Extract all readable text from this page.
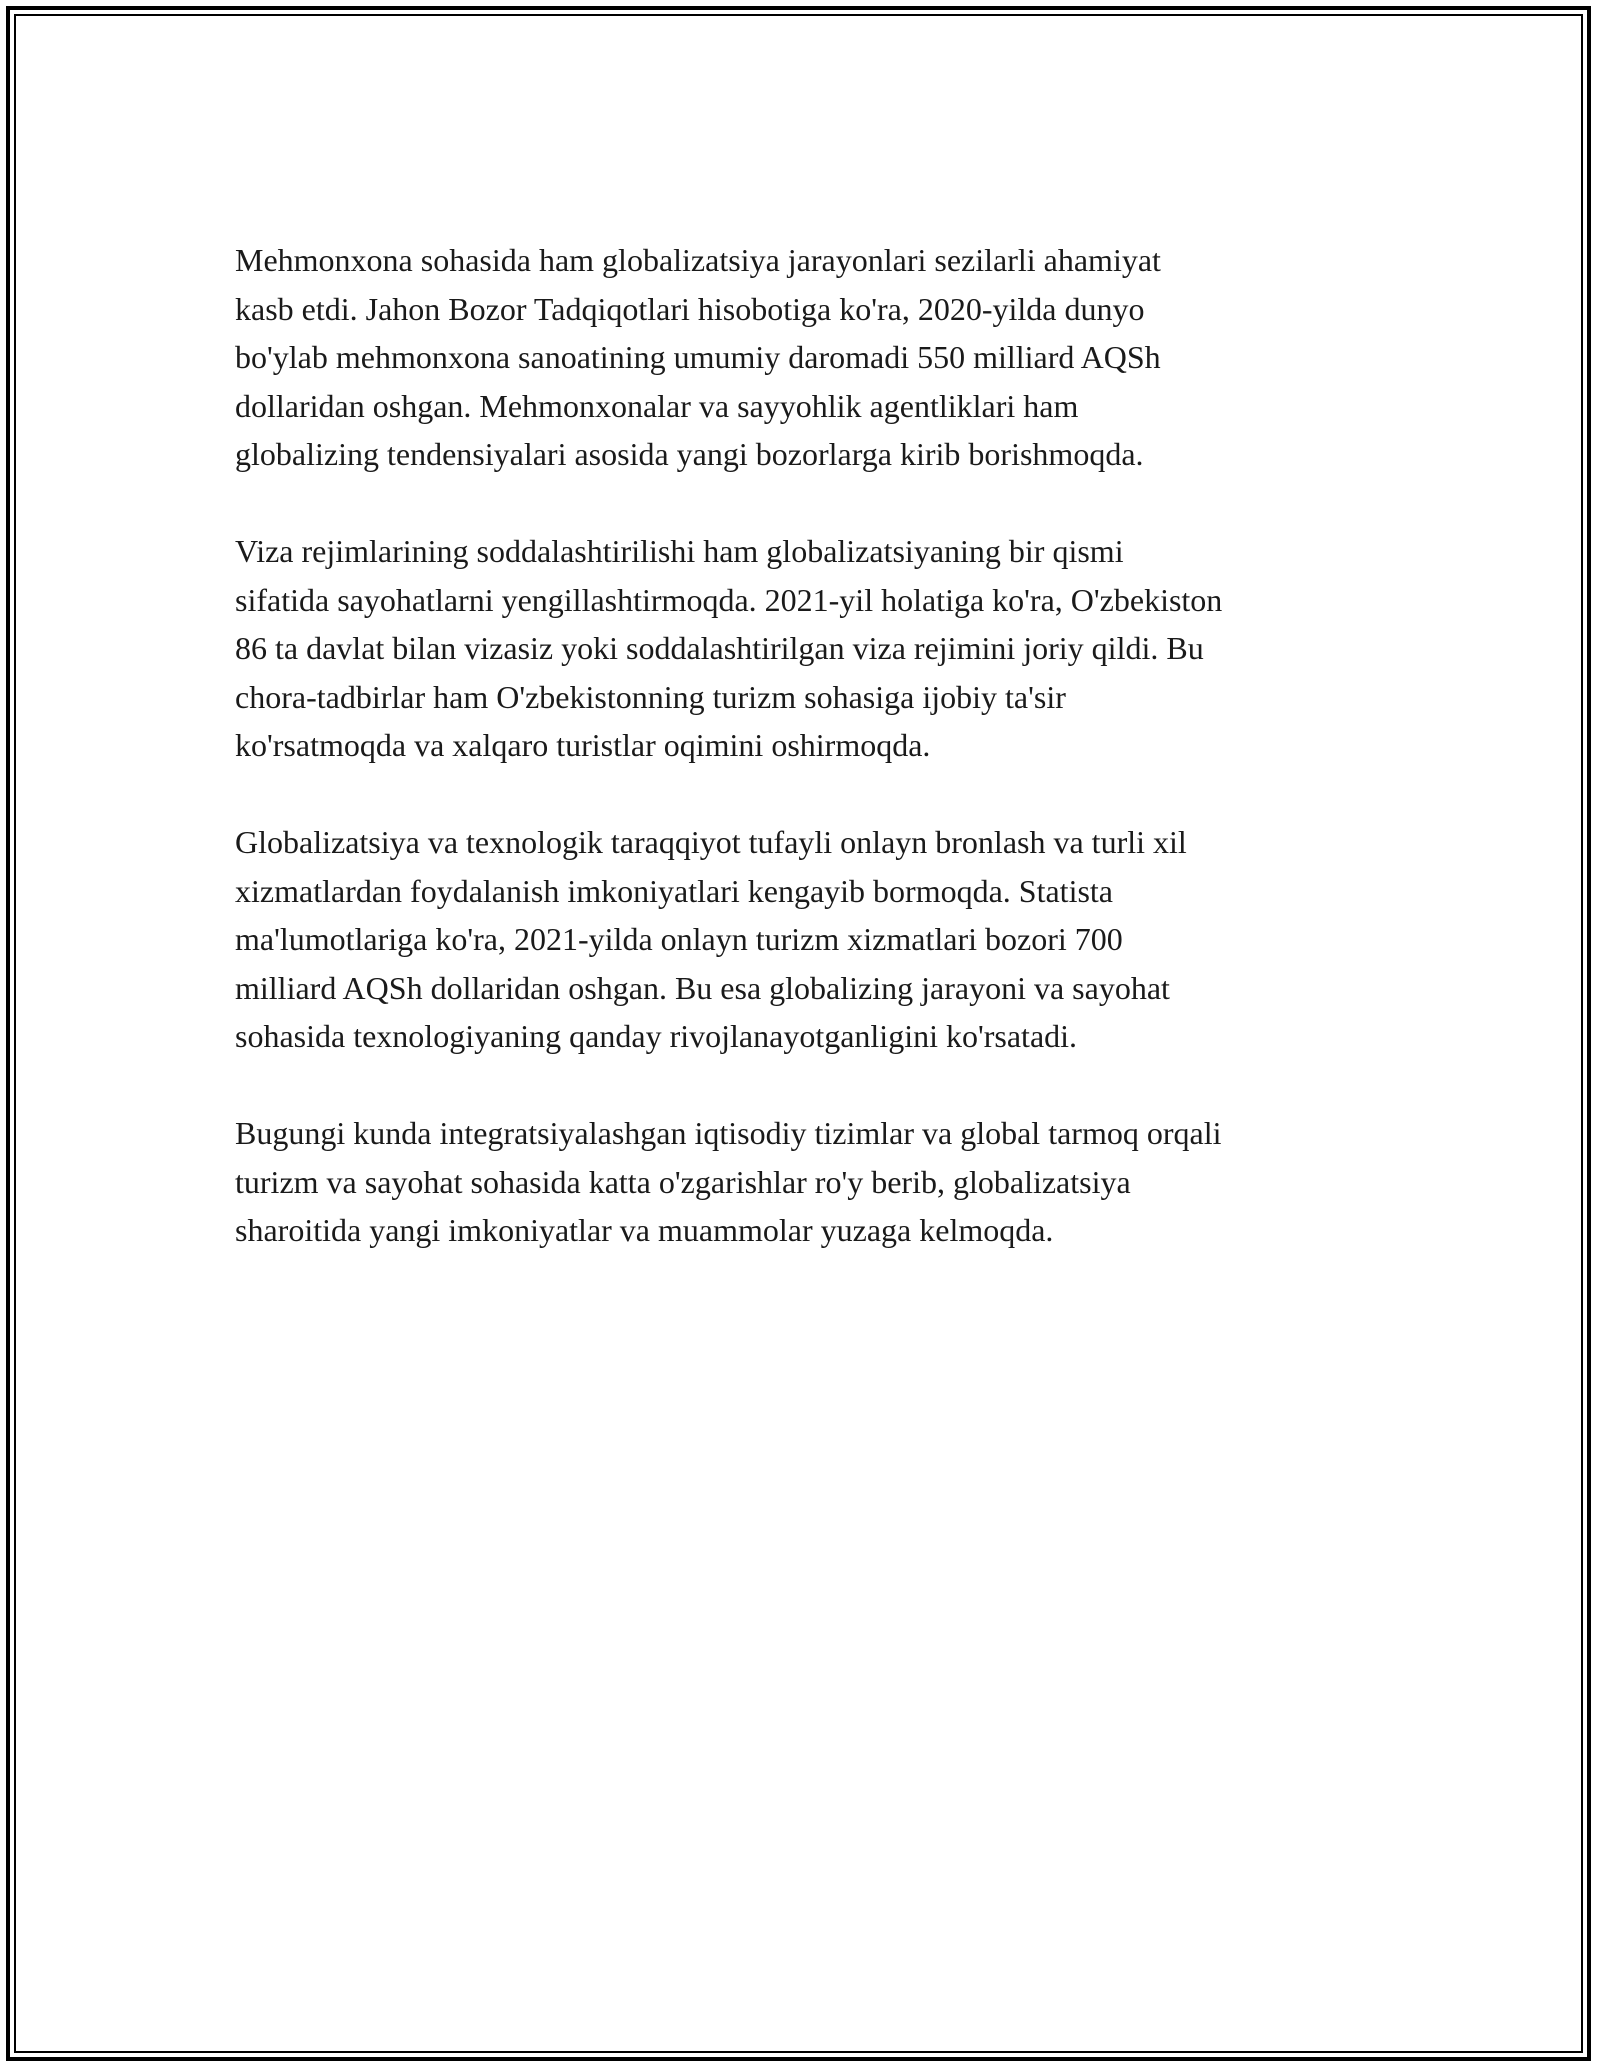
Mehmonxona sohasida ham globalizatsiya jarayonlari sezilarli ahamiyat
kasb etdi. Jahon Bozor Tadqiqotlari hisobotiga ko'ra, 2020-yilda dunyo
bo'ylab mehmonxona sanoatining umumiy daromadi 550 milliard AQSh
dollaridan oshgan. Mehmonxonalar va sayyohlik agentliklari ham
globalizing tendensiyalari asosida yangi bozorlarga kirib borishmoqda.

Viza rejimlarining soddalashtirilishi ham globalizatsiyaning bir qismi
sifatida sayohatlarni yengillashtirmoqda. 2021-yil holatiga ko'ra, O'zbekiston
86 ta davlat bilan vizasiz yoki soddalashtirilgan viza rejimini joriy qildi. Bu
chora-tadbirlar ham O'zbekistonning turizm sohasiga ijobiy ta'sir
ko'rsatmoqda va xalqaro turistlar oqimini oshirmoqda.

Globalizatsiya va texnologik taraqqiyot tufayli onlayn bronlash va turli xil
xizmatlardan foydalanish imkoniyatlari kengayib bormoqda. Statista
ma'lumotlariga ko'ra, 2021-yilda onlayn turizm xizmatlari bozori 700
milliard AQSh dollaridan oshgan. Bu esa globalizing jarayoni va sayohat
sohasida texnologiyaning qanday rivojlanayotganligini ko'rsatadi.

Bugungi kunda integratsiyalashgan iqtisodiy tizimlar va global tarmoq orqali
turizm va sayohat sohasida katta o'zgarishlar ro'y berib, globalizatsiya
sharoitida yangi imkoniyatlar va muammolar yuzaga kelmoqda.
